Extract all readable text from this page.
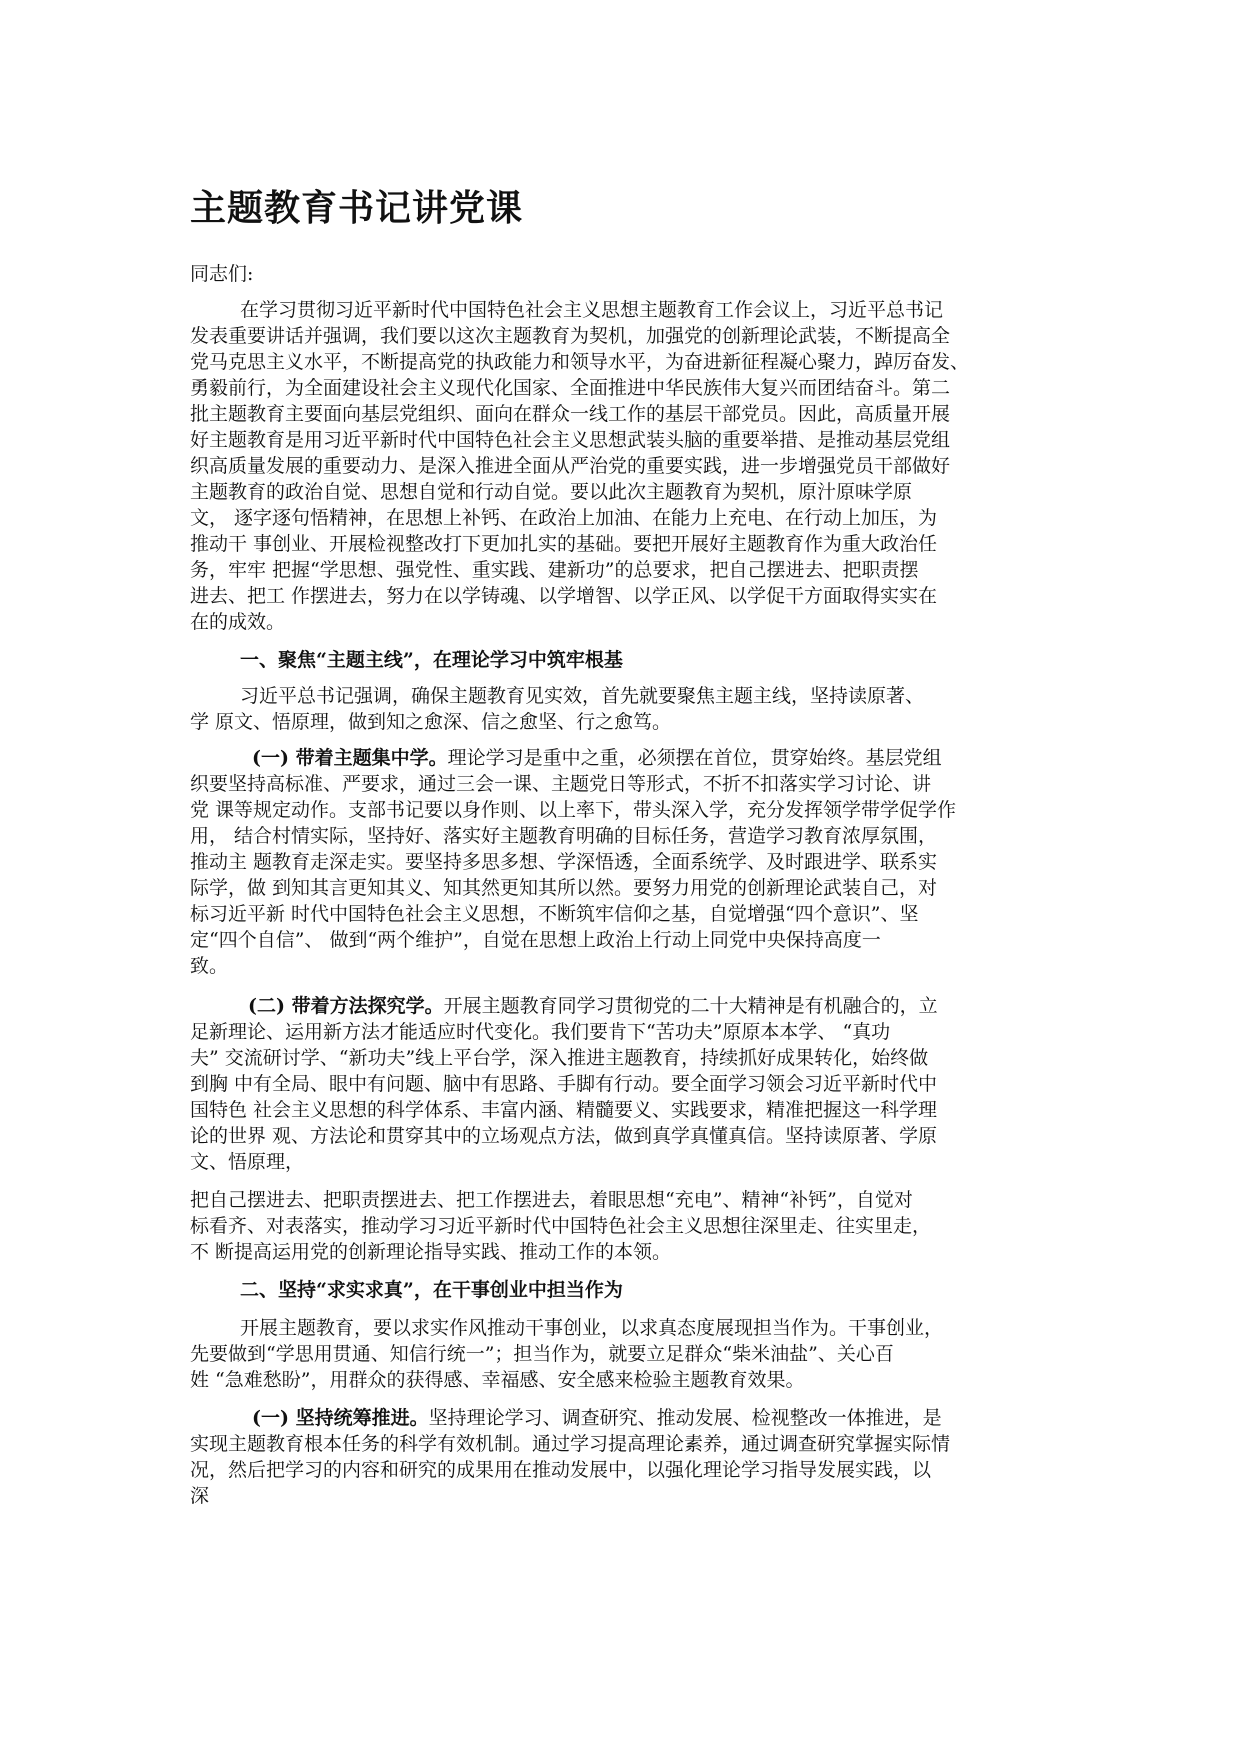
主题教育书记讲党课

同志们:

在学习贯彻习近平新时代中国特色社会主义思想主题教育工作会议上，习近平总书记

发表重要讲话并强调，我们要以这次主题教育为契机，加强党的创新理论武装，不断提高全

党马克思主义水平，不断提高党的执政能力和领导水平，为奋进新征程凝心聚力，踔厉奋发、

勇毅前行，为全面建设社会主义现代化国家、全面推进中华民族伟大复兴而团结奋斗。第二

批主题教育主要面向基层党组织、面向在群众一线工作的基层干部党员。因此，高质量开展

好主题教育是用习近平新时代中国特色社会主义思想武装头脑的重要举措、是推动基层党组

织高质量发展的重要动力、是深入推进全面从严治党的重要实践，进一步增强党员干部做好

主题教育的政治自觉、思想自觉和行动自觉。要以此次主题教育为契机，原汁原味学原

文， 逐字逐句悟精神，在思想上补钙、在政治上加油、在能力上充电、在行动上加压，为

推动干 事创业、开展检视整改打下更加扎实的基础。要把开展好主题教育作为重大政治任

务，牢牢 把握“学思想、强党性、重实践、建新功”的总要求，把自己摆进去、把职责摆

进去、把工 作摆进去，努力在以学铸魂、以学增智、以学正风、以学促干方面取得实实在

在的成效。

一、聚焦“主题主线”，在理论学习中筑牢根基

习近平总书记强调，确保主题教育见实效，首先就要聚焦主题主线，坚持读原著、

学 原文、悟原理，做到知之愈深、信之愈坚、行之愈笃。

(一) 带着主题集中学。理论学习是重中之重，必须摆在首位，贯穿始终。基层党组

织要坚持高标准、严要求，通过三会一课、主题党日等形式，不折不扣落实学习讨论、讲

党 课等规定动作。支部书记要以身作则、以上率下，带头深入学，充分发挥领学带学促学作

用， 结合村情实际，坚持好、落实好主题教育明确的目标任务，营造学习教育浓厚氛围，

推动主 题教育走深走实。要坚持多思多想、学深悟透，全面系统学、及时跟进学、联系实

际学，做 到知其言更知其义、知其然更知其所以然。要努力用党的创新理论武装自己，对

标习近平新 时代中国特色社会主义思想，不断筑牢信仰之基，自觉增强“四个意识”、坚

定“四个自信”、 做到“两个维护”，自觉在思想上政治上行动上同党中央保持高度一

致。

(二) 带着方法探究学。开展主题教育同学习贯彻党的二十大精神是有机融合的，立

足新理论、运用新方法才能适应时代变化。我们要肯下“苦功夫”原原本本学、 “真功

夫” 交流研讨学、“新功夫”线上平台学，深入推进主题教育，持续抓好成果转化，始终做

到胸 中有全局、眼中有问题、脑中有思路、手脚有行动。要全面学习领会习近平新时代中

国特色 社会主义思想的科学体系、丰富内涵、精髓要义、实践要求，精准把握这一科学理

论的世界 观、方法论和贯穿其中的立场观点方法，做到真学真懂真信。坚持读原著、学原

文、悟原理，

把自己摆进去、把职责摆进去、把工作摆进去，着眼思想“充电”、精神“补钙”，自觉对

标看齐、对表落实，推动学习习近平新时代中国特色社会主义思想往深里走、往实里走，

不 断提高运用党的创新理论指导实践、推动工作的本领。

二、坚持“求实求真”，在干事创业中担当作为

开展主题教育，要以求实作风推动干事创业，以求真态度展现担当作为。干事创业，

先要做到“学思用贯通、知信行统一”；担当作为，就要立足群众“柴米油盐”、关心百

姓 “急难愁盼”，用群众的获得感、幸福感、安全感来检验主题教育效果。

(一) 坚持统筹推进。坚持理论学习、调查研究、推动发展、检视整改一体推进，是

实现主题教育根本任务的科学有效机制。通过学习提高理论素养，通过调查研究掌握实际情

况，然后把学习的内容和研究的成果用在推动发展中，以强化理论学习指导发展实践，以

深
